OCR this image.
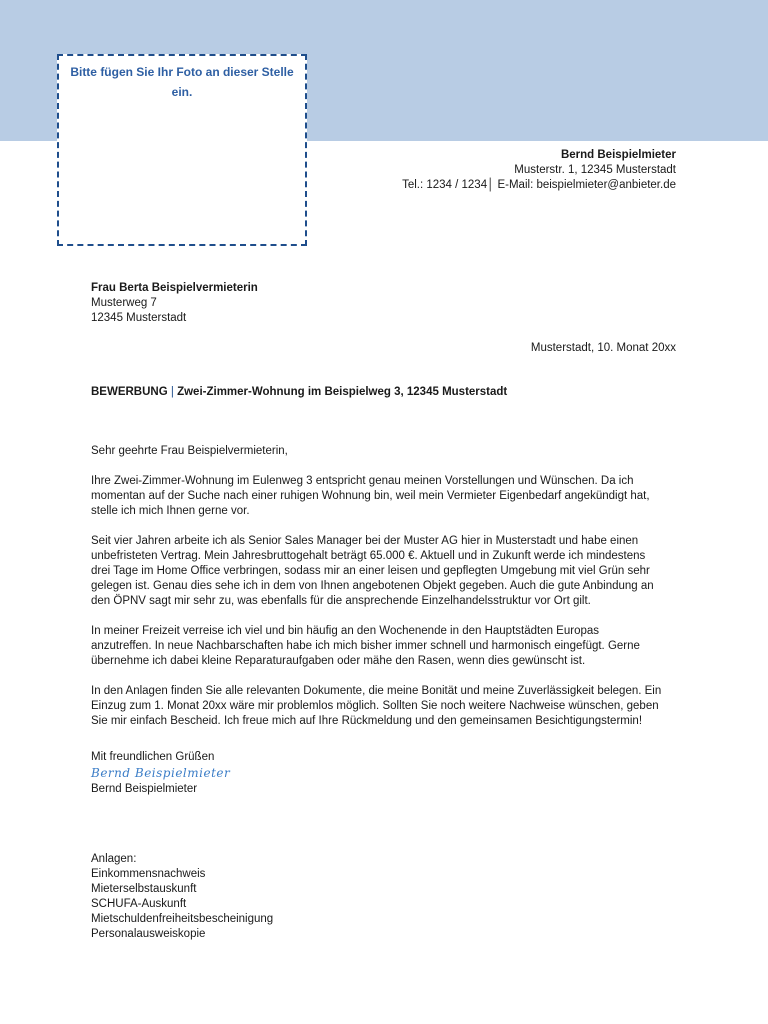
Bitte fügen Sie Ihr Foto an dieser Stelle ein.
Bernd Beispielmieter
Musterstr. 1, 12345 Musterstadt
Tel.: 1234 / 1234│ E-Mail: beispielmieter@anbieter.de
Frau Berta Beispielvermieterin
Musterweg 7
12345 Musterstadt
Musterstadt, 10. Monat 20xx
BEWERBUNG | Zwei-Zimmer-Wohnung im Beispielweg 3, 12345 Musterstadt

Sehr geehrte Frau Beispielvermieterin,

Ihre Zwei-Zimmer-Wohnung im Eulenweg 3 entspricht genau meinen Vorstellungen und Wünschen. Da ich
momentan auf der Suche nach einer ruhigen Wohnung bin, weil mein Vermieter Eigenbedarf angekündigt hat,
stelle ich mich Ihnen gerne vor.

Seit vier Jahren arbeite ich als Senior Sales Manager bei der Muster AG hier in Musterstadt und habe einen
unbefristeten Vertrag. Mein Jahresbruttogehalt beträgt 65.000 €. Aktuell und in Zukunft werde ich mindestens
drei Tage im Home Office verbringen, sodass mir an einer leisen und gepflegten Umgebung mit viel Grün sehr
gelegen ist. Genau dies sehe ich in dem von Ihnen angebotenen Objekt gegeben. Auch die gute Anbindung an
den ÖPNV sagt mir sehr zu, was ebenfalls für die ansprechende Einzelhandelsstruktur vor Ort gilt.

In meiner Freizeit verreise ich viel und bin häufig an den Wochenende in den Hauptstädten Europas
anzutreffen. In neue Nachbarschaften habe ich mich bisher immer schnell und harmonisch eingefügt. Gerne
übernehme ich dabei kleine Reparaturaufgaben oder mähe den Rasen, wenn dies gewünscht ist.

In den Anlagen finden Sie alle relevanten Dokumente, die meine Bonität und meine Zuverlässigkeit belegen. Ein
Einzug zum 1. Monat 20xx wäre mir problemlos möglich. Sollten Sie noch weitere Nachweise wünschen, geben
Sie mir einfach Bescheid. Ich freue mich auf Ihre Rückmeldung und den gemeinsamen Besichtigungstermin!

Mit freundlichen Grüßen
Bernd Beispielmieter
Bernd Beispielmieter
Anlagen:
Einkommensnachweis
Mieterselbstauskunft
SCHUFA-Auskunft
Mietschuldenfreiheitsbescheinigung
Personalausweiskopie
